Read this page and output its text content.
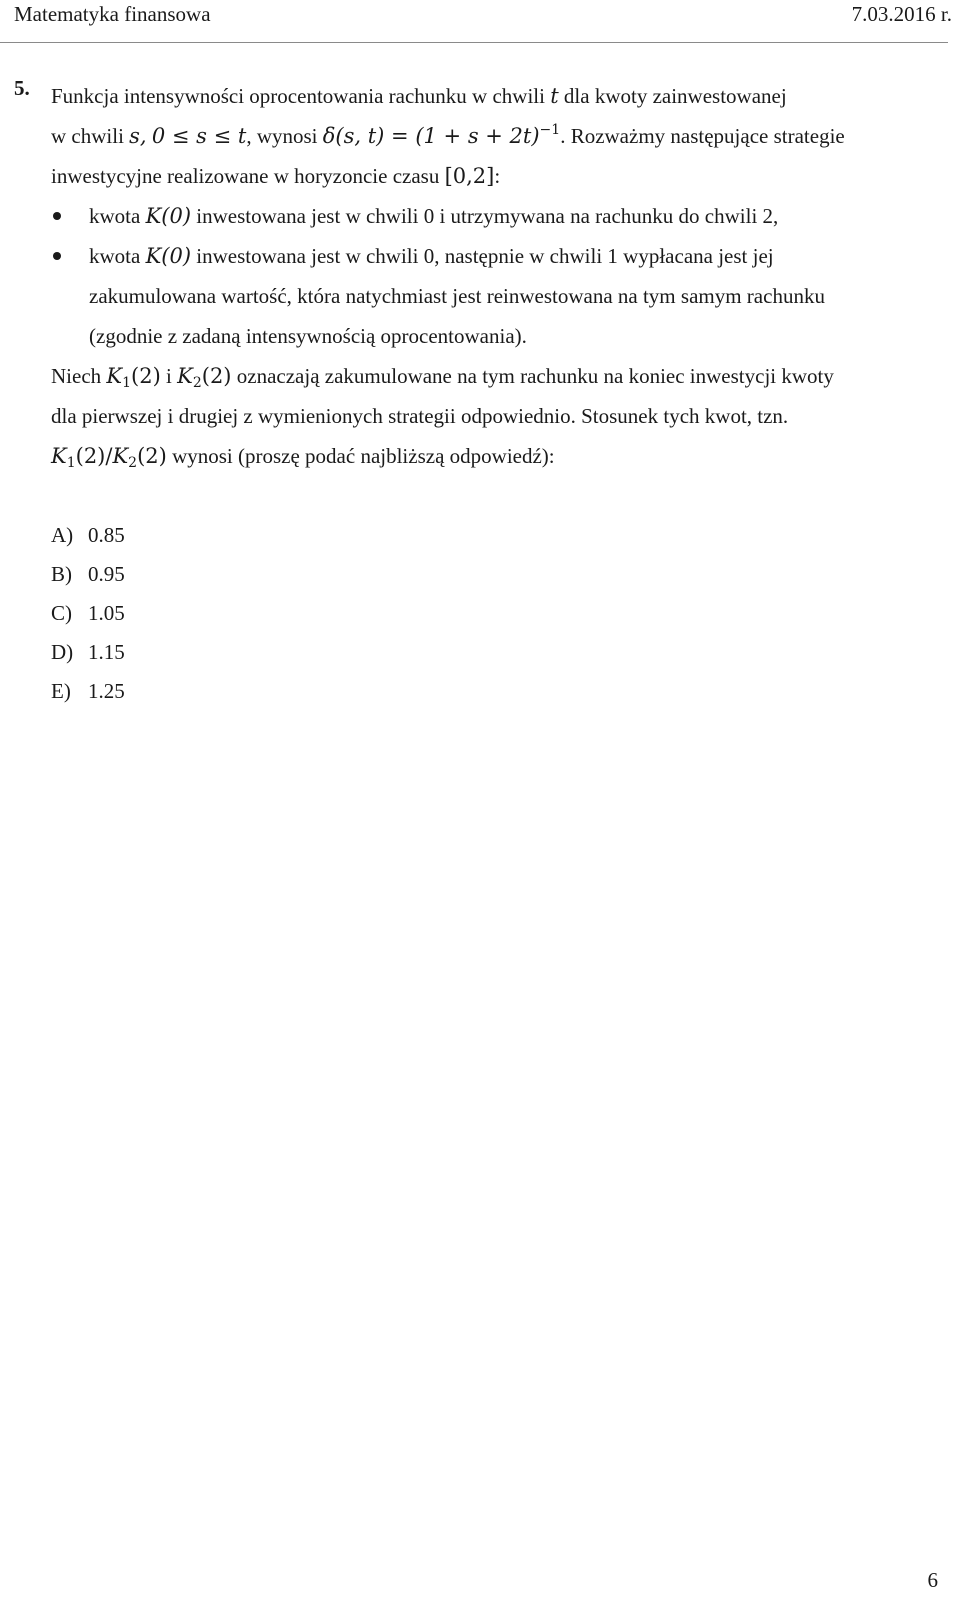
Matematyka finansowa	7.03.2016 r.
5. Funkcja intensywności oprocentowania rachunku w chwili t dla kwoty zainwestowanej
w chwili s, 0 ≤ s ≤ t, wynosi δ(s, $t) = (1 + s + 2t)^{-1}$. Rozważmy następujące strategie
inwestycyjne realizowane w horyzoncie czasu [0,2]:
kwota K(0) inwestowana jest w chwili 0 i utrzymywana na rachunku do chwili 2,
kwota K(0) inwestowana jest w chwili 0, następnie w chwili 1 wypłacana jest jej
zakumulowana wartość, która natychmiast jest reinwestowana na tym samym rachunku
(zgodnie z zadaną intensywnością oprocentowania).
Niech $K_1(2)$ i $K_2(2)$ oznaczają zakumulowane na tym rachunku na koniec inwestycji kwoty
dla pierwszej i drugiej z wymienionych strategii odpowiednio. Stosunek tych kwot, tzn.
$K_1(2)/K_2(2)$ wynosi (proszę podać najbliższą odpowiedź):
A) 0.85
B) 0.95
C) 1.05
D) 1.15
E) 1.25
6
